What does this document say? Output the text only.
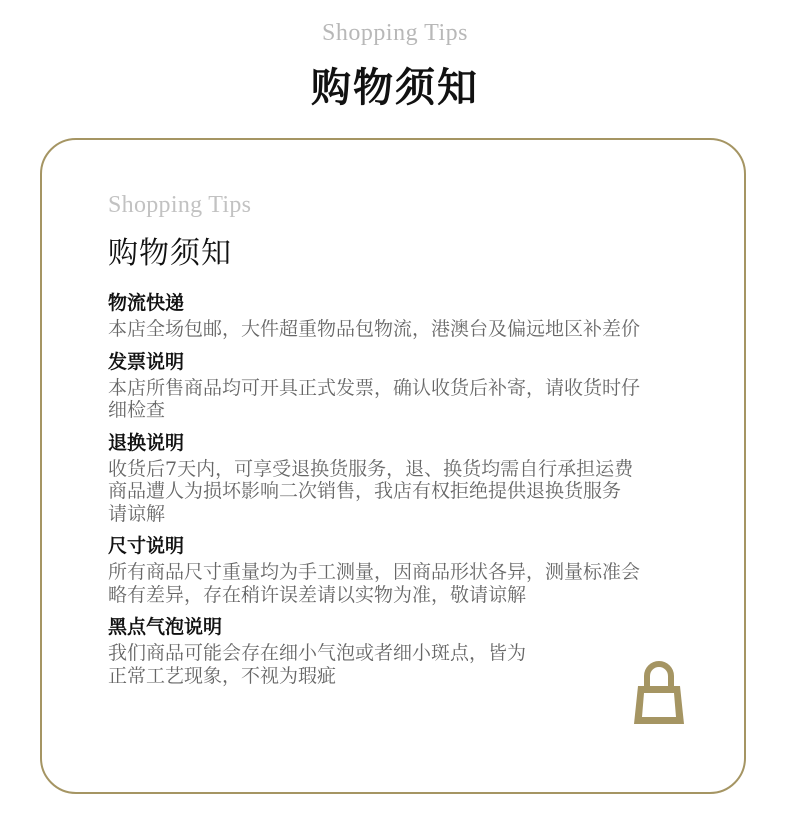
Shopping Tips
购物须知
Shopping Tips
购物须知
物流快递
本店全场包邮，大件超重物品包物流，港澳台及偏远地区补差价
发票说明
本店所售商品均可开具正式发票，确认收货后补寄，请收货时仔
细检查
退换说明
收货后7天内，可享受退换货服务，退、换货均需自行承担运费
商品遭人为损坏影响二次销售，我店有权拒绝提供退换货服务
请谅解
尺寸说明
所有商品尺寸重量均为手工测量，因商品形状各异，测量标准会
略有差异，存在稍许误差请以实物为准，敬请谅解
黑点气泡说明
我们商品可能会存在细小气泡或者细小斑点，皆为
正常工艺现象，不视为瑕疵
